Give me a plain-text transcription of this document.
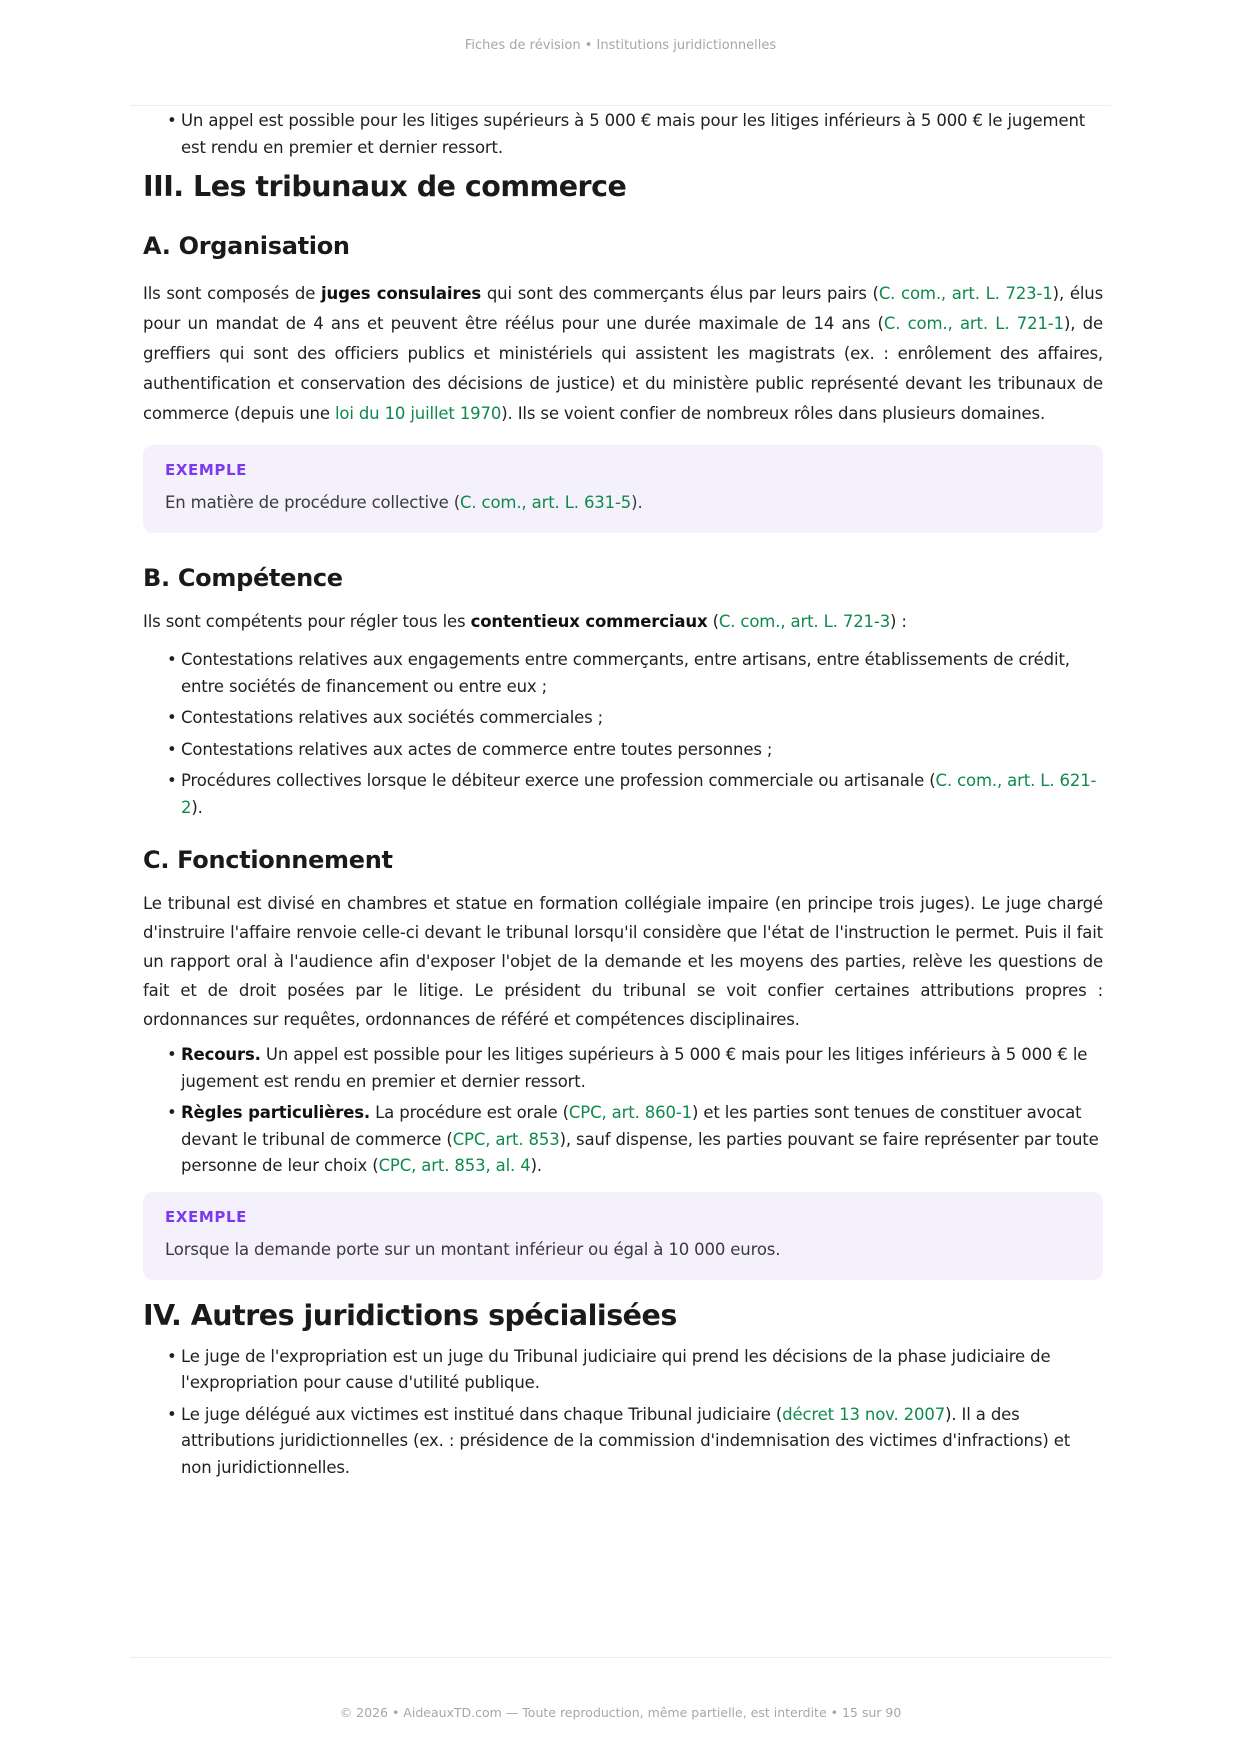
Fiches de révision • Institutions juridictionnelles
• Un appel est possible pour les litiges supérieurs à 5 000 € mais pour les litiges inférieurs à 5 000 € le jugement est rendu en premier et dernier ressort.
III. Les tribunaux de commerce
A. Organisation

Ils sont composés de juges consulaires qui sont des commerçants élus par leurs pairs (C. com., art. L. 723-1), élus pour un mandat de 4 ans et peuvent être réélus pour une durée maximale de 14 ans (C. com., art. L. 721-1), de greffiers qui sont des officiers publics et ministériels qui assistent les magistrats (ex. : enrôlement des affaires, authentification et conservation des décisions de justice) et du ministère public représenté devant les tribunaux de commerce (depuis une loi du 10 juillet 1970). Ils se voient confier de nombreux rôles dans plusieurs domaines.

EXEMPLE
En matière de procédure collective (C. com., art. L. 631-5).
B. Compétence

Ils sont compétents pour régler tous les contentieux commerciaux (C. com., art. L. 721-3) :

• Contestations relatives aux engagements entre commerçants, entre artisans, entre établissements de crédit, entre sociétés de financement ou entre eux ;
• Contestations relatives aux sociétés commerciales ;
• Contestations relatives aux actes de commerce entre toutes personnes ;
• Procédures collectives lorsque le débiteur exerce une profession commerciale ou artisanale (C. com., art. L. 621-2).
C. Fonctionnement

Le tribunal est divisé en chambres et statue en formation collégiale impaire (en principe trois juges). Le juge chargé d'instruire l'affaire renvoie celle-ci devant le tribunal lorsqu'il considère que l'état de l'instruction le permet. Puis il fait un rapport oral à l'audience afin d'exposer l'objet de la demande et les moyens des parties, relève les questions de fait et de droit posées par le litige. Le président du tribunal se voit confier certaines attributions propres : ordonnances sur requêtes, ordonnances de référé et compétences disciplinaires.

• Recours. Un appel est possible pour les litiges supérieurs à 5 000 € mais pour les litiges inférieurs à 5 000 € le jugement est rendu en premier et dernier ressort.
• Règles particulières. La procédure est orale (CPC, art. 860-1) et les parties sont tenues de constituer avocat devant le tribunal de commerce (CPC, art. 853), sauf dispense, les parties pouvant se faire représenter par toute personne de leur choix (CPC, art. 853, al. 4).
EXEMPLE
Lorsque la demande porte sur un montant inférieur ou égal à 10 000 euros.
IV. Autres juridictions spécialisées
• Le juge de l'expropriation est un juge du Tribunal judiciaire qui prend les décisions de la phase judiciaire de l'expropriation pour cause d'utilité publique.
• Le juge délégué aux victimes est institué dans chaque Tribunal judiciaire (décret 13 nov. 2007). Il a des attributions juridictionnelles (ex. : présidence de la commission d'indemnisation des victimes d'infractions) et non juridictionnelles.
© 2026 • AideauxTD.com — Toute reproduction, même partielle, est interdite • 15 sur 90
